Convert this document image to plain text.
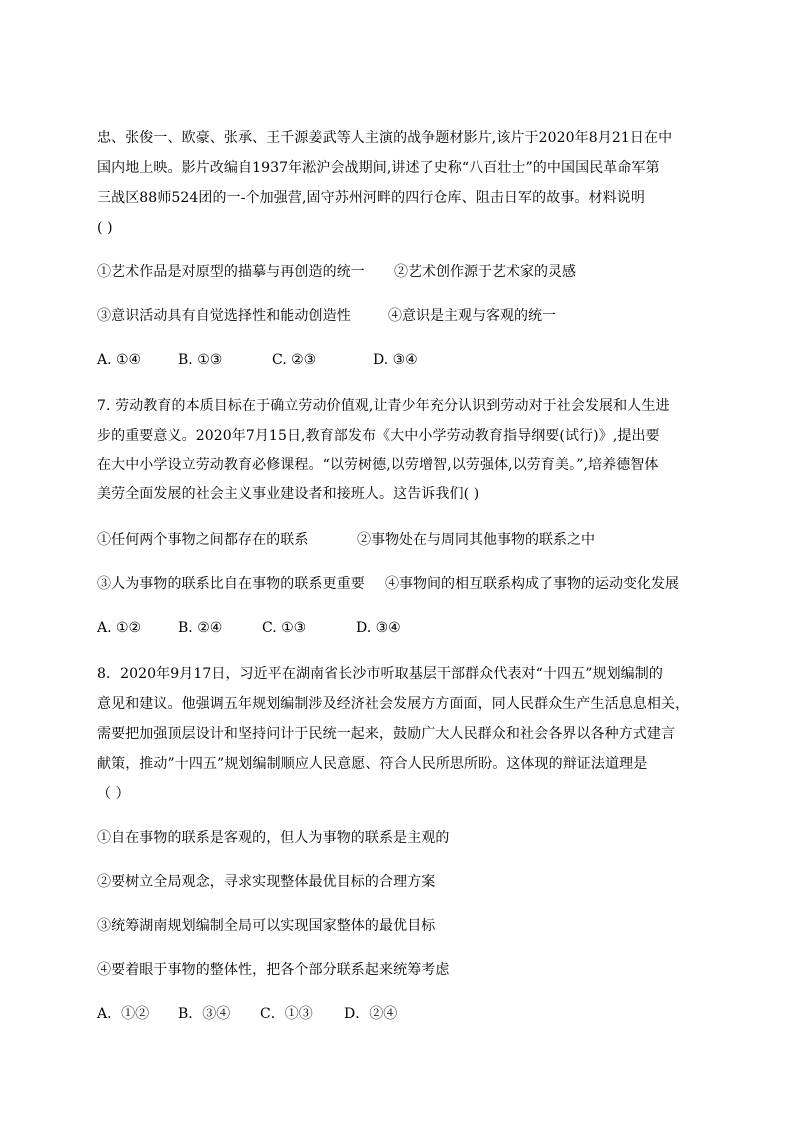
忠、张俊一、欧豪、张承、王千源姜武等人主演的战争题材影片,该片于2020年8月21日在中
国内地上映。影片改编自1937年淞沪会战期间,讲述了史称“八百壮士”的中国国民革命军第
三战区88师524团的一-个加强营,固守苏州河畔的四行仓库、阻击日军的故事。材料说明
( )
①艺术作品是对原型的描摹与再创造的统一 ②艺术创作源于艺术家的灵感
③意识活动具有自觉选择性和能动创造性	④意识是主观与客观的统一
A. ①④	B. ①③	C. ②③	D. ③④
7. 劳动教育的本质目标在于确立劳动价值观,让青少年充分认识到劳动对于社会发展和人生进
步的重要意义。2020年7月15日,教育部发布《大中小学劳动教育指导纲要(试行)》,提出要
在大中小学设立劳动教育必修课程。“以劳树德,以劳增智,以劳强体,以劳育美。”,培养德智体
美劳全面发展的社会主义事业建设者和接班人。这告诉我们( )
①任何两个事物之间都存在的联系	②事物处在与周同其他事物的联系之中
③人为事物的联系比自在事物的联系更重要 ④事物间的相互联系构成了事物的运动变化发展
A. ①②	B. ②④	C. ①③	D. ③④
8．2020年9月17日，习近平在湖南省长沙市听取基层干部群众代表对“十四五”规划编制的
意见和建议。他强调五年规划编制涉及经济社会发展方方面面，同人民群众生产生活息息相关，
需要把加强顶层设计和坚持问计于民统一起来，鼓励广大人民群众和社会各界以各种方式建言
献策，推动”十四五”规划编制顺应人民意愿、符合人民所思所盼。这体现的辩证法道理是
（ ）
①自在事物的联系是客观的，但人为事物的联系是主观的
②要树立全局观念，寻求实现整体最优目标的合理方案
③统筹湖南规划编制全局可以实现国家整体的最优目标
④要着眼于事物的整体性，把各个部分联系起来统筹考虑
A．①② B．③④ C．①③ D．②④
